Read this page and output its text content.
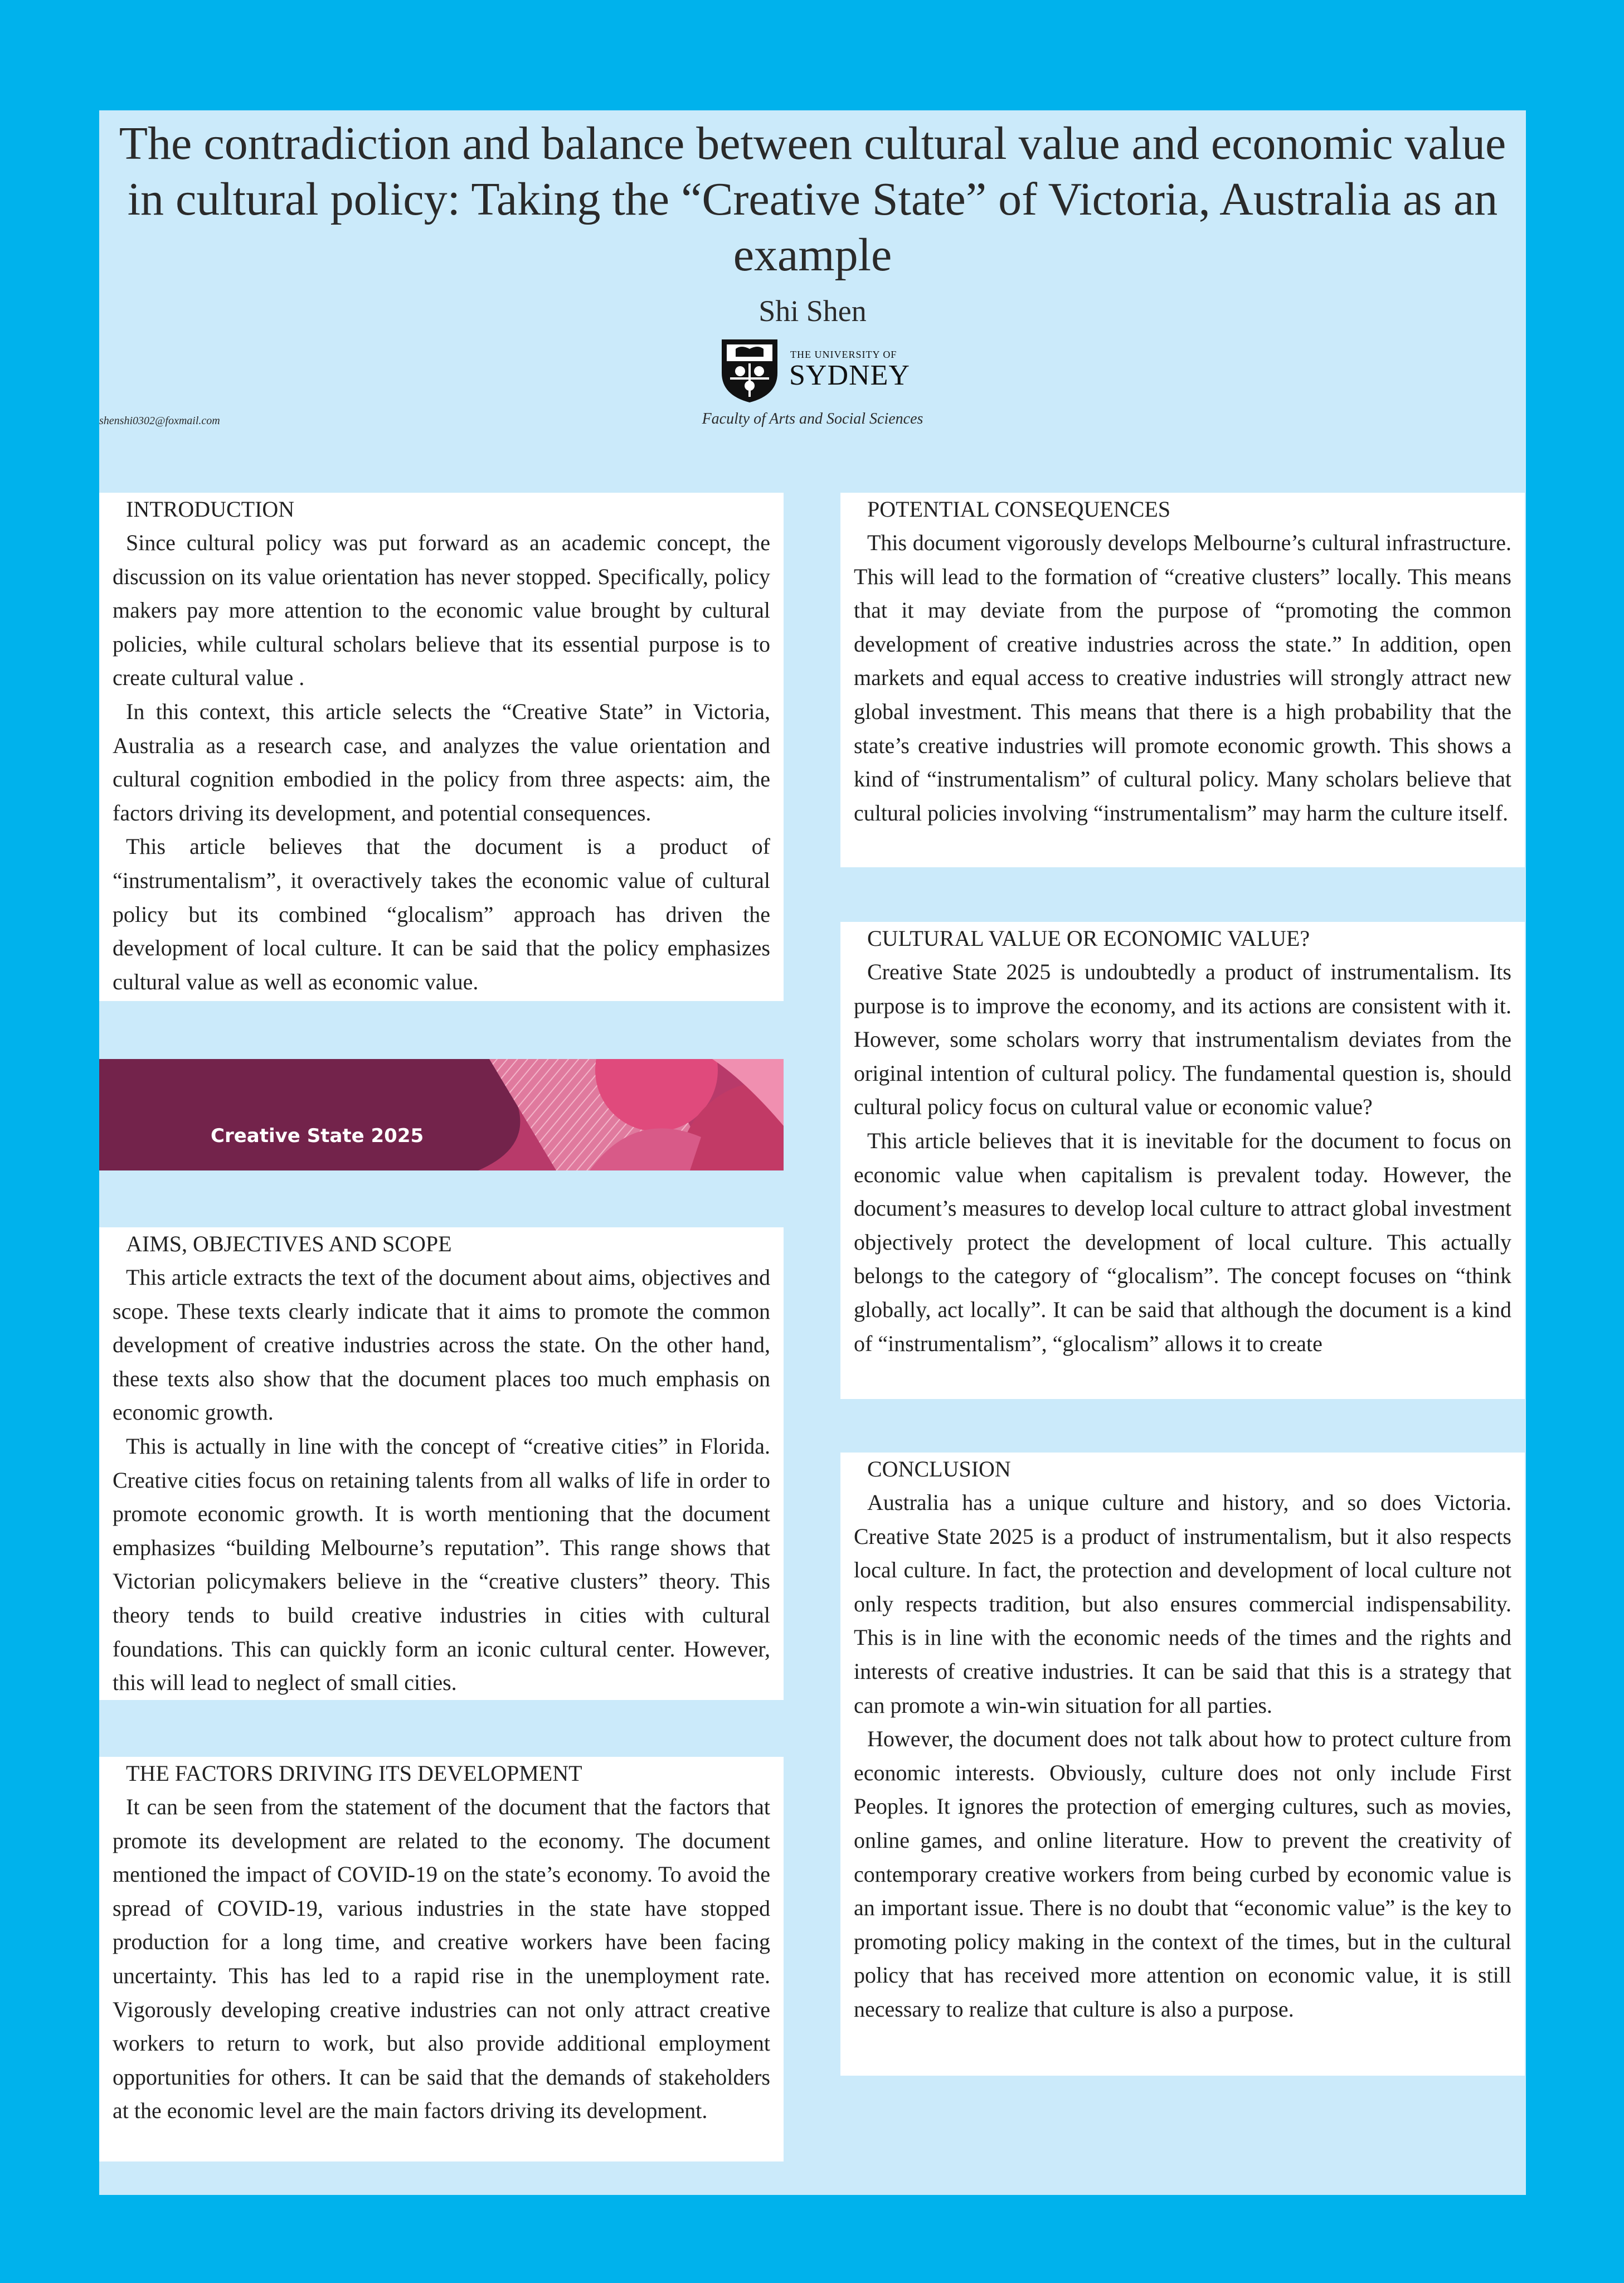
The contradiction and balance between cultural value and economic value in cultural policy: Taking the “Creative State” of Victoria, Australia as an example
Shi Shen
THE UNIVERSITY OF
SYDNEY
shenshi0302@foxmail.com	Faculty of Arts and Social Sciences
INTRODUCTION

Since cultural policy was put forward as an academic concept, the discussion on its value orientation has never stopped. Specifically, policy makers pay more attention to the economic value brought by cultural policies, while cultural scholars believe that its essential purpose is to create cultural value .

In this context, this article selects the “Creative State” in Victoria, Australia as a research case, and analyzes the value orientation and cultural cognition embodied in the policy from three aspects: aim, the factors driving its development, and potential consequences.

This article believes that the document is a product of “instrumentalism”, it overactively takes the economic value of cultural policy but its combined “glocalism” approach has driven the development of local culture. It can be said that the policy emphasizes cultural value as well as economic value.

Creative State 2025
AIMS, OBJECTIVES AND SCOPE

This article extracts the text of the document about aims, objectives and scope. These texts clearly indicate that it aims to promote the common development of creative industries across the state. On the other hand, these texts also show that the document places too much emphasis on economic growth.

This is actually in line with the concept of “creative cities” in Florida. Creative cities focus on retaining talents from all walks of life in order to promote economic growth. It is worth mentioning that the document emphasizes “building Melbourne’s reputation”. This range shows that Victorian policymakers believe in the “creative clusters” theory. This theory tends to build creative industries in cities with cultural foundations. This can quickly form an iconic cultural center. However, this will lead to neglect of small cities.

THE FACTORS DRIVING ITS DEVELOPMENT

It can be seen from the statement of the document that the factors that promote its development are related to the economy. The document mentioned the impact of COVID-19 on the state’s economy. To avoid the spread of COVID-19, various industries in the state have stopped production for a long time, and creative workers have been facing uncertainty. This has led to a rapid rise in the unemployment rate. Vigorously developing creative industries can not only attract creative workers to return to work, but also provide additional employment opportunities for others. It can be said that the demands of stakeholders at the economic level are the main factors driving its development.

POTENTIAL CONSEQUENCES

This document vigorously develops Melbourne’s cultural infrastructure. This will lead to the formation of “creative clusters” locally. This means that it may deviate from the purpose of “promoting the common development of creative industries across the state.” In addition, open markets and equal access to creative industries will strongly attract new global investment. This means that there is a high probability that the state’s creative industries will promote economic growth. This shows a kind of “instrumentalism” of cultural policy. Many scholars believe that cultural policies involving “instrumentalism” may harm the culture itself.

CULTURAL VALUE OR ECONOMIC VALUE?

Creative State 2025 is undoubtedly a product of instrumentalism. Its purpose is to improve the economy, and its actions are consistent with it. However, some scholars worry that instrumentalism deviates from the original intention of cultural policy. The fundamental question is, should cultural policy focus on cultural value or economic value?

This article believes that it is inevitable for the document to focus on economic value when capitalism is prevalent today. However, the document’s measures to develop local culture to attract global investment objectively protect the development of local culture. This actually belongs to the category of “glocalism”. The concept focuses on “think globally, act locally”. It can be said that although the document is a kind of “instrumentalism”, “glocalism” allows it to create

CONCLUSION

Australia has a unique culture and history, and so does Victoria. Creative State 2025 is a product of instrumentalism, but it also respects local culture. In fact, the protection and development of local culture not only respects tradition, but also ensures commercial indispensability. This is in line with the economic needs of the times and the rights and interests of creative industries. It can be said that this is a strategy that can promote a win-win situation for all parties.

However, the document does not talk about how to protect culture from economic interests. Obviously, culture does not only include First Peoples. It ignores the protection of emerging cultures, such as movies, online games, and online literature. How to prevent the creativity of contemporary creative workers from being curbed by economic value is an important issue. There is no doubt that “economic value” is the key to promoting policy making in the context of the times, but in the cultural policy that has received more attention on economic value, it is still necessary to realize that culture is also a purpose.
